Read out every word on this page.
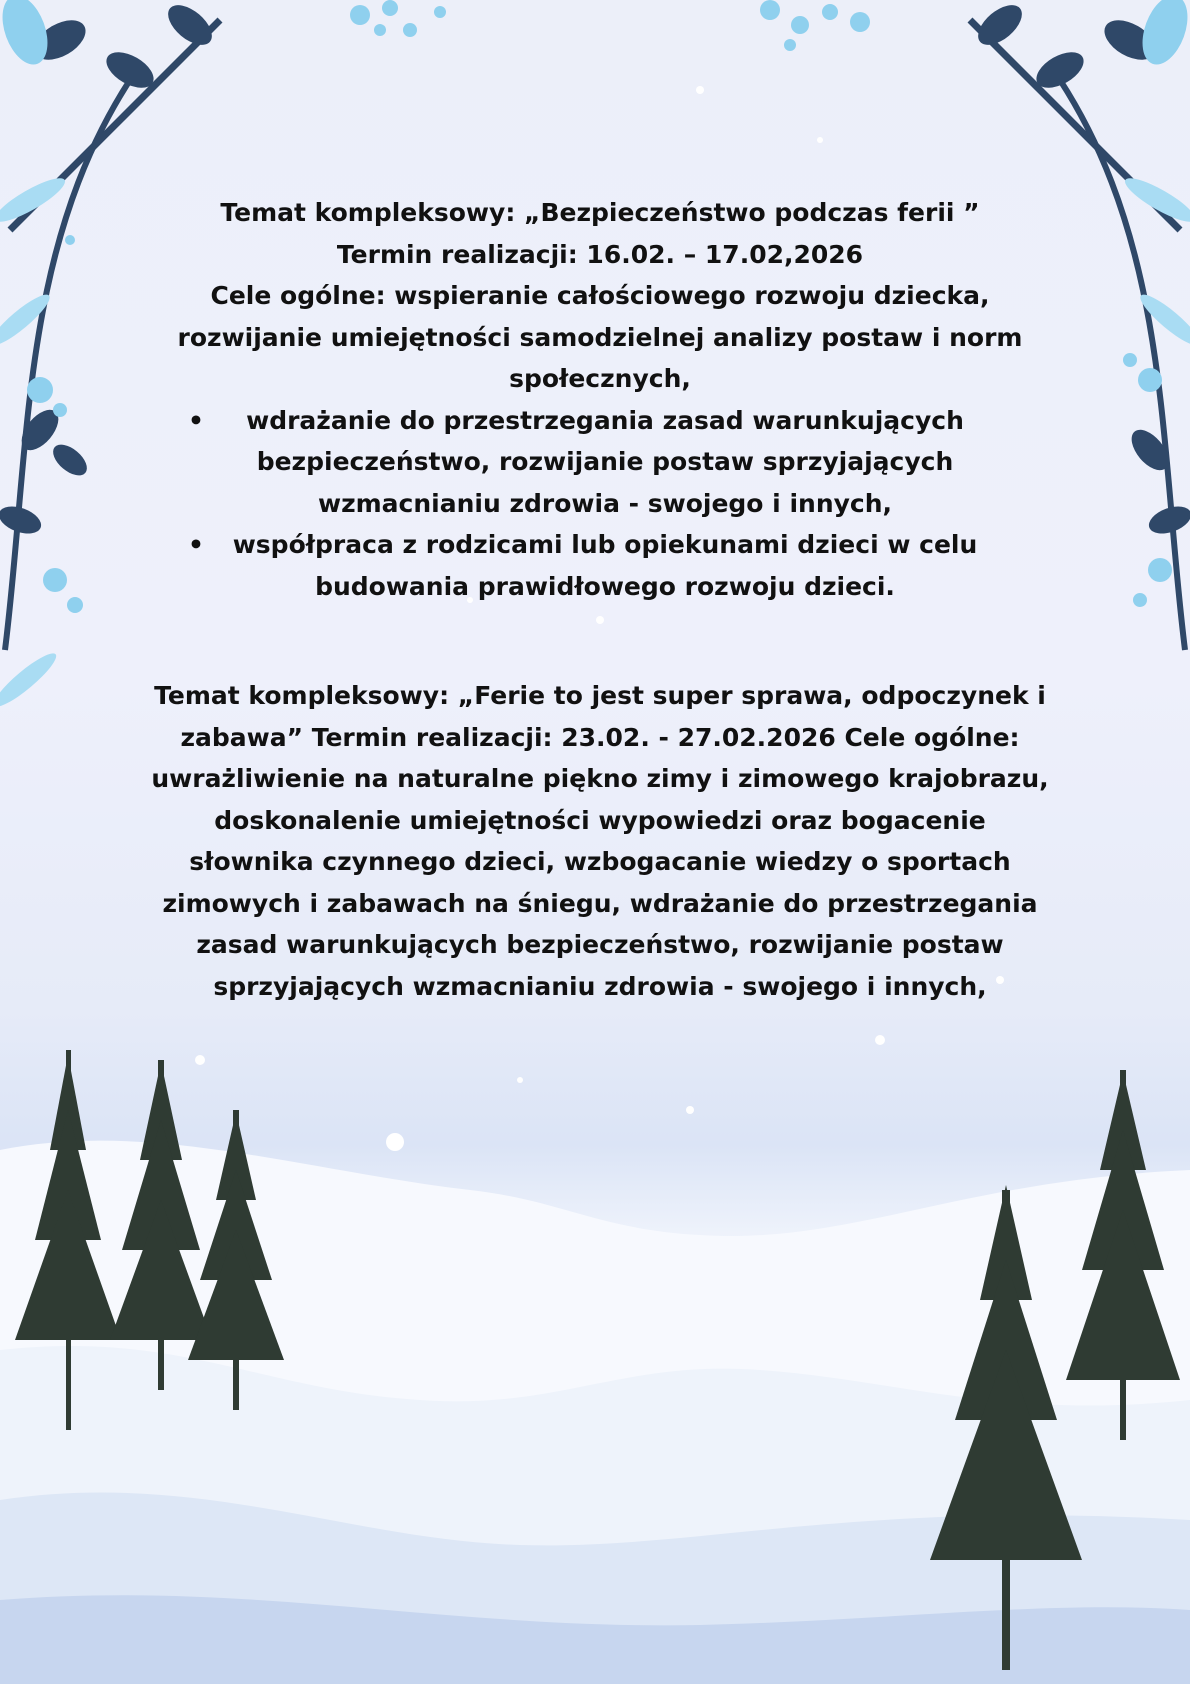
Temat kompleksowy: „Bezpieczeństwo podczas ferii ”

Termin realizacji: 16.02. – 17.02,2026

Cele ogólne: wspieranie całościowego rozwoju dziecka, rozwijanie umiejętności samodzielnej analizy postaw i norm społecznych,

• wdrażanie do przestrzegania zasad warunkujących bezpieczeństwo, rozwijanie postaw sprzyjających wzmacnianiu zdrowia - swojego i innych,
• współpraca z rodzicami lub opiekunami dzieci w celu budowania prawidłowego rozwoju dzieci.

Temat kompleksowy: „Ferie to jest super sprawa, odpoczynek i zabawa” Termin realizacji: 23.02. - 27.02.2026 Cele ogólne: uwrażliwienie na naturalne piękno zimy i zimowego krajobrazu, doskonalenie umiejętności wypowiedzi oraz bogacenie słownika czynnego dzieci, wzbogacanie wiedzy o sportach zimowych i zabawach na śniegu, wdrażanie do przestrzegania zasad warunkujących bezpieczeństwo, rozwijanie postaw sprzyjających wzmacnianiu zdrowia - swojego i innych,
